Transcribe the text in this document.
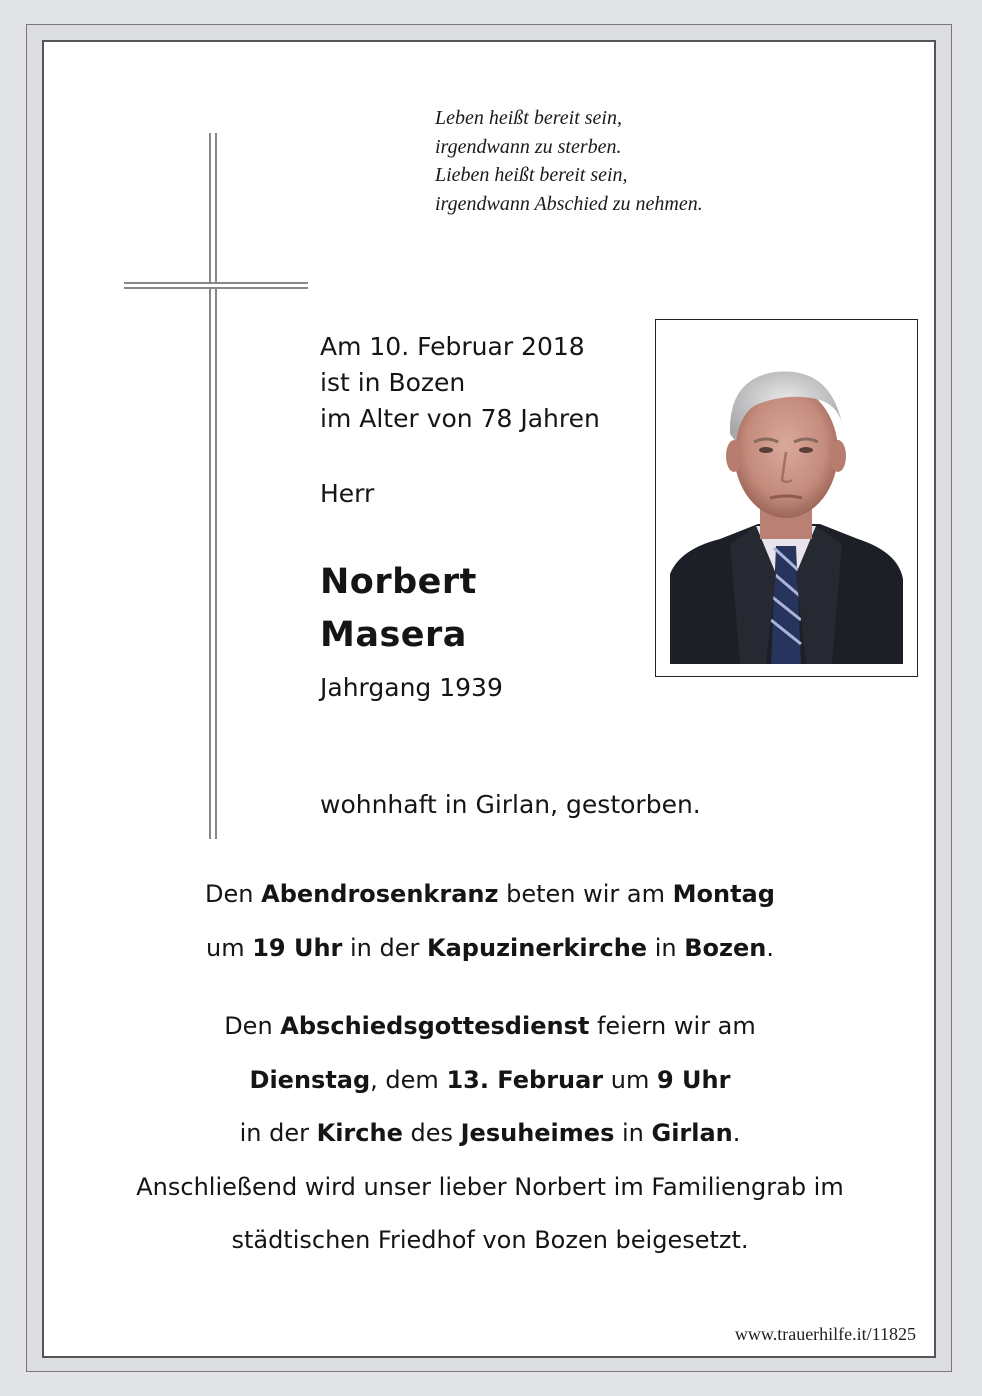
Leben heißt bereit sein,
irgendwann zu sterben.
Lieben heißt bereit sein,
irgendwann Abschied zu nehmen.
Am 10. Februar 2018
ist in Bozen
im Alter von 78 Jahren
Herr
Norbert
Masera
Jahrgang 1939
wohnhaft in Girlan, gestorben.
Den Abendrosenkranz beten wir am Montag
um 19 Uhr in der Kapuzinerkirche in Bozen.
Den Abschiedsgottesdienst feiern wir am
Dienstag, dem 13. Februar um 9 Uhr
in der Kirche des Jesuheimes in Girlan.
Anschließend wird unser lieber Norbert im Familiengrab im
städtischen Friedhof von Bozen beigesetzt.
www.trauerhilfe.it/11825
